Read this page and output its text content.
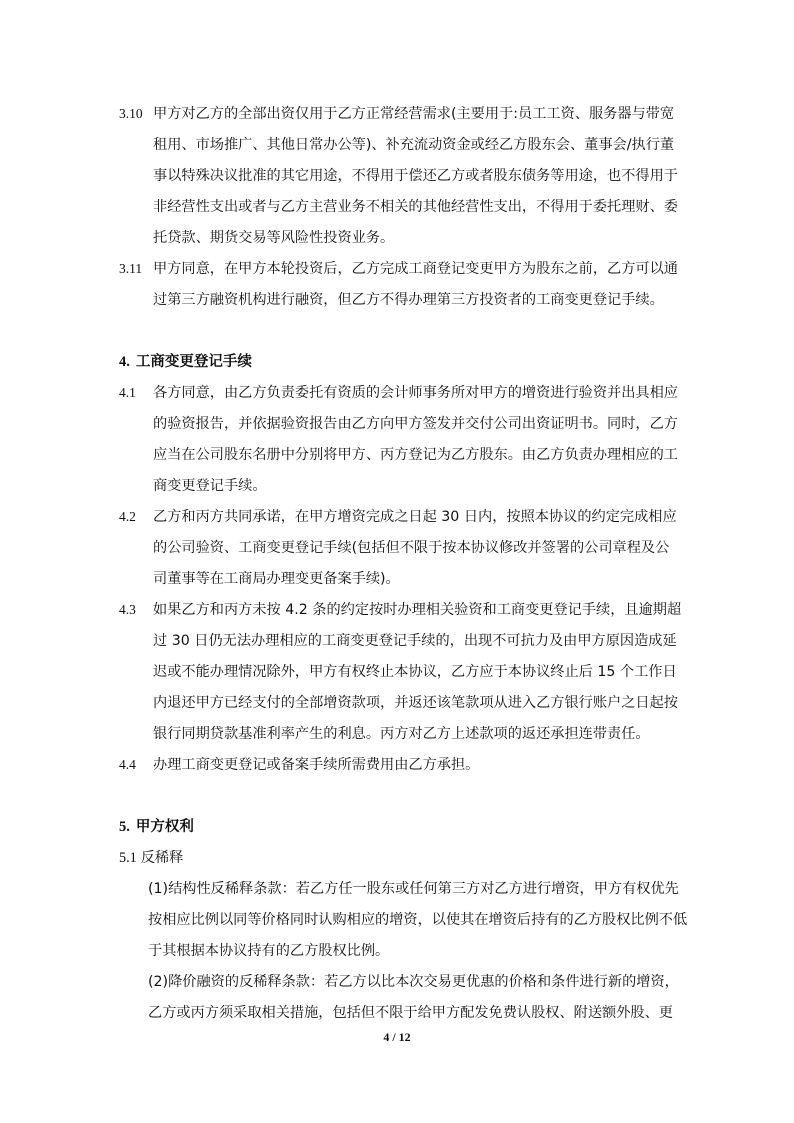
3.10 甲方对乙方的全部出资仅用于乙方正常经营需求(主要用于:员工工资、服务器与带宽
租用、市场推广、其他日常办公等)、补充流动资金或经乙方股东会、董事会/执行董
事以特殊决议批准的其它用途，不得用于偿还乙方或者股东债务等用途，也不得用于
非经营性支出或者与乙方主营业务不相关的其他经营性支出，不得用于委托理财、委
托贷款、期货交易等风险性投资业务。
3.11 甲方同意，在甲方本轮投资后，乙方完成工商登记变更甲方为股东之前，乙方可以通
过第三方融资机构进行融资，但乙方不得办理第三方投资者的工商变更登记手续。
4. 工商变更登记手续
4.1 各方同意，由乙方负责委托有资质的会计师事务所对甲方的增资进行验资并出具相应
的验资报告，并依据验资报告由乙方向甲方签发并交付公司出资证明书。同时，乙方
应当在公司股东名册中分别将甲方、丙方登记为乙方股东。由乙方负责办理相应的工
商变更登记手续。
4.2 乙方和丙方共同承诺，在甲方增资完成之日起 30 日内，按照本协议的约定完成相应
的公司验资、工商变更登记手续(包括但不限于按本协议修改并签署的公司章程及公
司董事等在工商局办理变更备案手续)。
4.3 如果乙方和丙方未按 4.2 条的约定按时办理相关验资和工商变更登记手续，且逾期超
过 30 日仍无法办理相应的工商变更登记手续的，出现不可抗力及由甲方原因造成延
迟或不能办理情况除外，甲方有权终止本协议，乙方应于本协议终止后 15 个工作日
内退还甲方已经支付的全部增资款项，并返还该笔款项从进入乙方银行账户之日起按
银行同期贷款基准利率产生的利息。丙方对乙方上述款项的返还承担连带责任。
4.4 办理工商变更登记或备案手续所需费用由乙方承担。
5. 甲方权利
5.1 反稀释
(1)结构性反稀释条款：若乙方任一股东或任何第三方对乙方进行增资，甲方有权优先
按相应比例以同等价格同时认购相应的增资，以使其在增资后持有的乙方股权比例不低
于其根据本协议持有的乙方股权比例。
(2)降价融资的反稀释条款：若乙方以比本次交易更优惠的价格和条件进行新的增资，
乙方或丙方须采取相关措施，包括但不限于给甲方配发免费认股权、附送额外股、更
4 / 12
